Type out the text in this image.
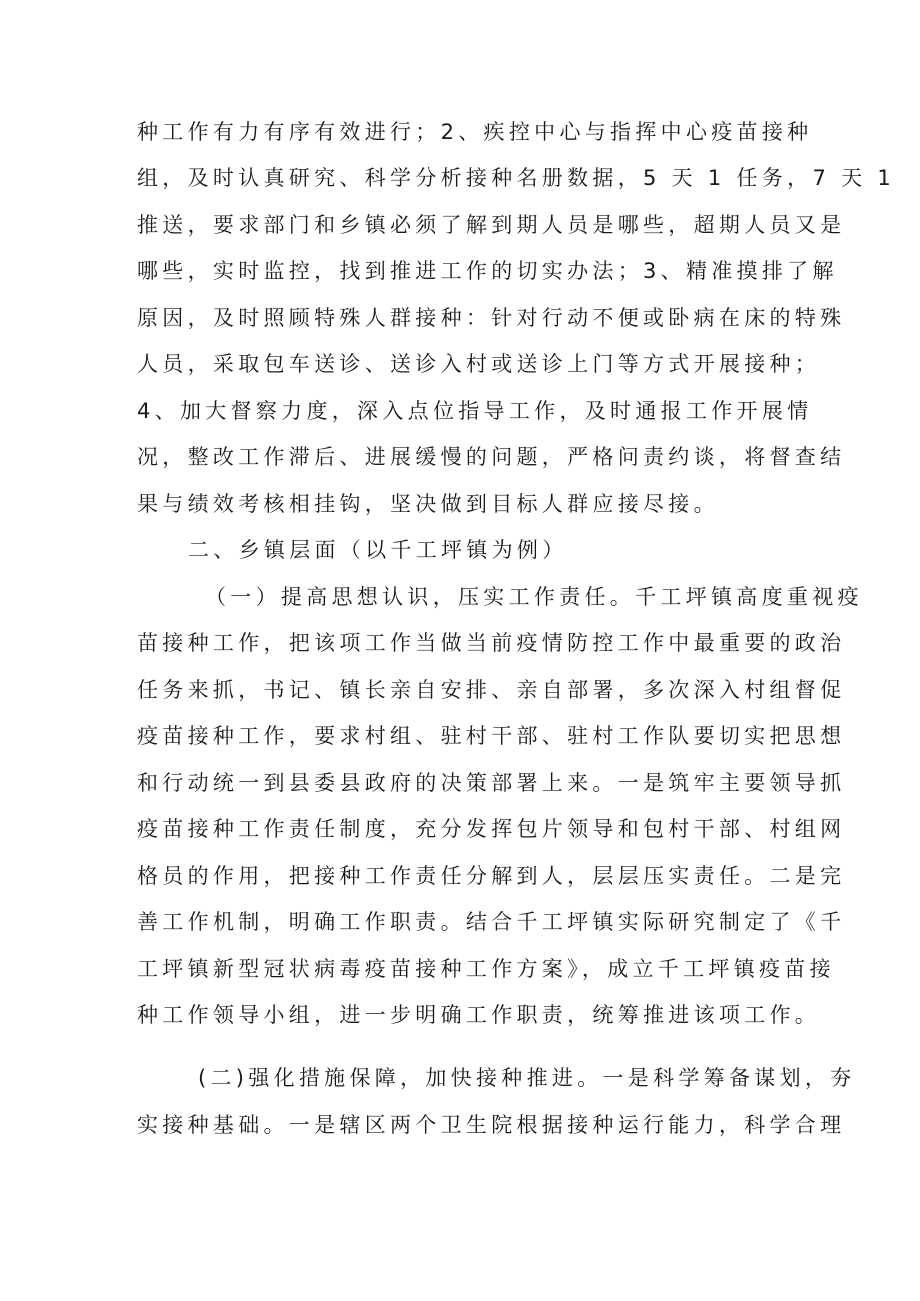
种工作有力有序有效进行；2、疾控中心与指挥中心疫苗接种
组，及时认真研究、科学分析接种名册数据，5 天 1 任务，7 天 1
推送，要求部门和乡镇必须了解到期人员是哪些，超期人员又是
哪些，实时监控，找到推进工作的切实办法；3、精准摸排了解
原因，及时照顾特殊人群接种：针对行动不便或卧病在床的特殊
人员，采取包车送诊、送诊入村或送诊上门等方式开展接种；
4、加大督察力度，深入点位指导工作，及时通报工作开展情
况，整改工作滞后、进展缓慢的问题，严格问责约谈，将督查结
果与绩效考核相挂钩，坚决做到目标人群应接尽接。
二、乡镇层面（以千工坪镇为例）
（一）提高思想认识，压实工作责任。千工坪镇高度重视疫
苗接种工作，把该项工作当做当前疫情防控工作中最重要的政治
任务来抓，书记、镇长亲自安排、亲自部署，多次深入村组督促
疫苗接种工作，要求村组、驻村干部、驻村工作队要切实把思想
和行动统一到县委县政府的决策部署上来。一是筑牢主要领导抓
疫苗接种工作责任制度，充分发挥包片领导和包村干部、村组网
格员的作用，把接种工作责任分解到人，层层压实责任。二是完
善工作机制，明确工作职责。结合千工坪镇实际研究制定了《千
工坪镇新型冠状病毒疫苗接种工作方案》，成立千工坪镇疫苗接
种工作领导小组，进一步明确工作职责，统筹推进该项工作。
(二)强化措施保障，加快接种推进。一是科学筹备谋划，夯
实接种基础。一是辖区两个卫生院根据接种运行能力，科学合理
